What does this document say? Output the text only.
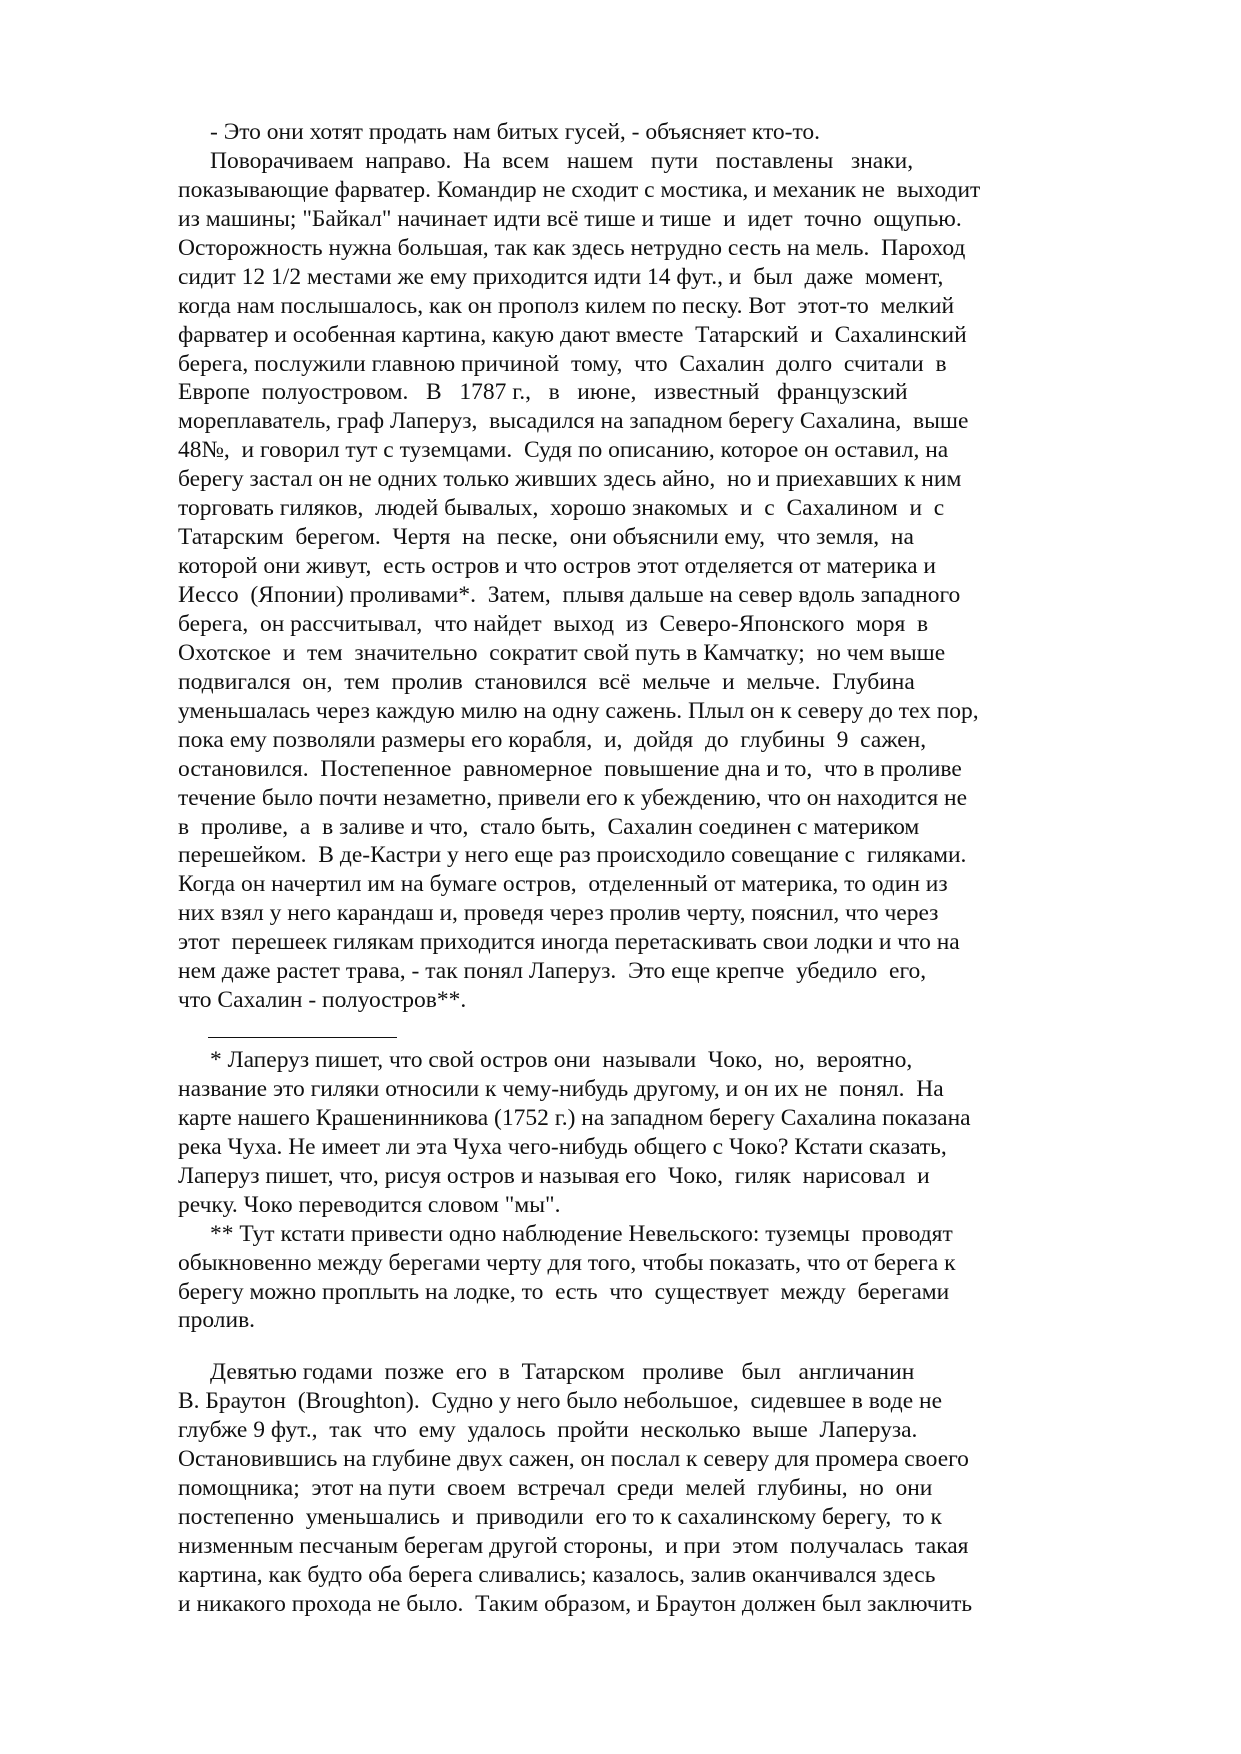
- Это они хотят продать нам битых гусей, - объясняет кто-то.
Поворачиваем  направо.  На  всем   нашем   пути   поставлены   знаки,
показывающие фарватер. Командир не сходит с мостика, и механик не  выходит
из машины; "Байкал" начинает идти всё тише и тише  и  идет  точно  ощупью.
Осторожность нужна большая, так как здесь нетрудно сесть на мель.  Пароход
сидит 12 1/2 местами же ему приходится идти 14 фут., и  был  даже  момент,
когда нам послышалось, как он прополз килем по песку. Вот  этот-то  мелкий
фарватер и особенная картина, какую дают вместе  Татарский  и  Сахалинский
берега, послужили главною причиной  тому,  что  Сахалин  долго  считали  в
Европе  полуостровом.   В   1787 г.,   в   июне,   известный   французский
мореплаватель, граф Лаперуз,  высадился на западном берегу Сахалина,  выше
48№,  и говорил тут с туземцами.  Судя по описанию, которое он оставил, на
берегу застал он не одних только живших здесь айно,  но и приехавших к ним
торговать гиляков,  людей бывалых,  хорошо знакомых  и  с  Сахалином  и  с
Татарским  берегом.  Чертя  на  песке,  они объяснили ему,  что земля,  на
которой они живут,  есть остров и что остров этот отделяется от материка и
Иессо  (Японии) проливами*.  Затем,  плывя дальше на север вдоль западного
берега,  он рассчитывал,  что найдет  выход  из  Северо-Японского  моря  в
Охотское  и  тем  значительно  сократит свой путь в Камчатку;  но чем выше
подвигался  он,  тем  пролив  становился  всё  мельче  и  мельче.  Глубина
уменьшалась через каждую милю на одну сажень. Плыл он к северу до тех пор,
пока ему позволяли размеры его корабля,  и,  дойдя  до  глубины  9  сажен,
остановился.  Постепенное  равномерное  повышение дна и то,  что в проливе
течение было почти незаметно, привели его к убеждению, что он находится не
в  проливе,  а  в заливе и что,  стало быть,  Сахалин соединен с материком
перешейком.  В де-Кастри у него еще раз происходило совещание с  гиляками.
Когда он начертил им на бумаге остров,  отделенный от материка, то один из
них взял у него карандаш и, проведя через пролив черту, пояснил, что через
этот  перешеек гилякам приходится иногда перетаскивать свои лодки и что на
нем даже растет трава, - так понял Лаперуз.  Это еще крепче  убедило  его,
что Сахалин - полуостров**.
* Лаперуз пишет, что свой остров они  называли  Чоко,  но,  вероятно,
название это гиляки относили к чему-нибудь другому, и он их не  понял.  На
карте нашего Крашенинникова (1752 г.) на западном берегу Сахалина показана
река Чуха. Не имеет ли эта Чуха чего-нибудь общего с Чоко? Кстати сказать,
Лаперуз пишет, что, рисуя остров и называя его  Чоко,  гиляк  нарисовал  и
речку. Чоко переводится словом "мы".
** Тут кстати привести одно наблюдение Невельского: туземцы  проводят
обыкновенно между берегами черту для того, чтобы показать, что от берега к
берегу можно проплыть на лодке, то  есть  что  существует  между  берегами
пролив.
Девятью годами  позже  его  в  Татарском   проливе   был   англичанин
В. Браутон  (Broughton).  Судно у него было небольшое,  сидевшее в воде не
глубже 9 фут.,  так  что  ему  удалось  пройти  несколько  выше  Лаперуза.
Остановившись на глубине двух сажен, он послал к северу для промера своего
помощника;  этот на пути  своем  встречал  среди  мелей  глубины,  но  они
постепенно  уменьшались  и  приводили  его то к сахалинскому берегу,  то к
низменным песчаным берегам другой стороны,  и при  этом  получалась  такая
картина, как будто оба берега сливались; казалось, залив оканчивался здесь
и никакого прохода не было.  Таким образом, и Браутон должен был заключить
